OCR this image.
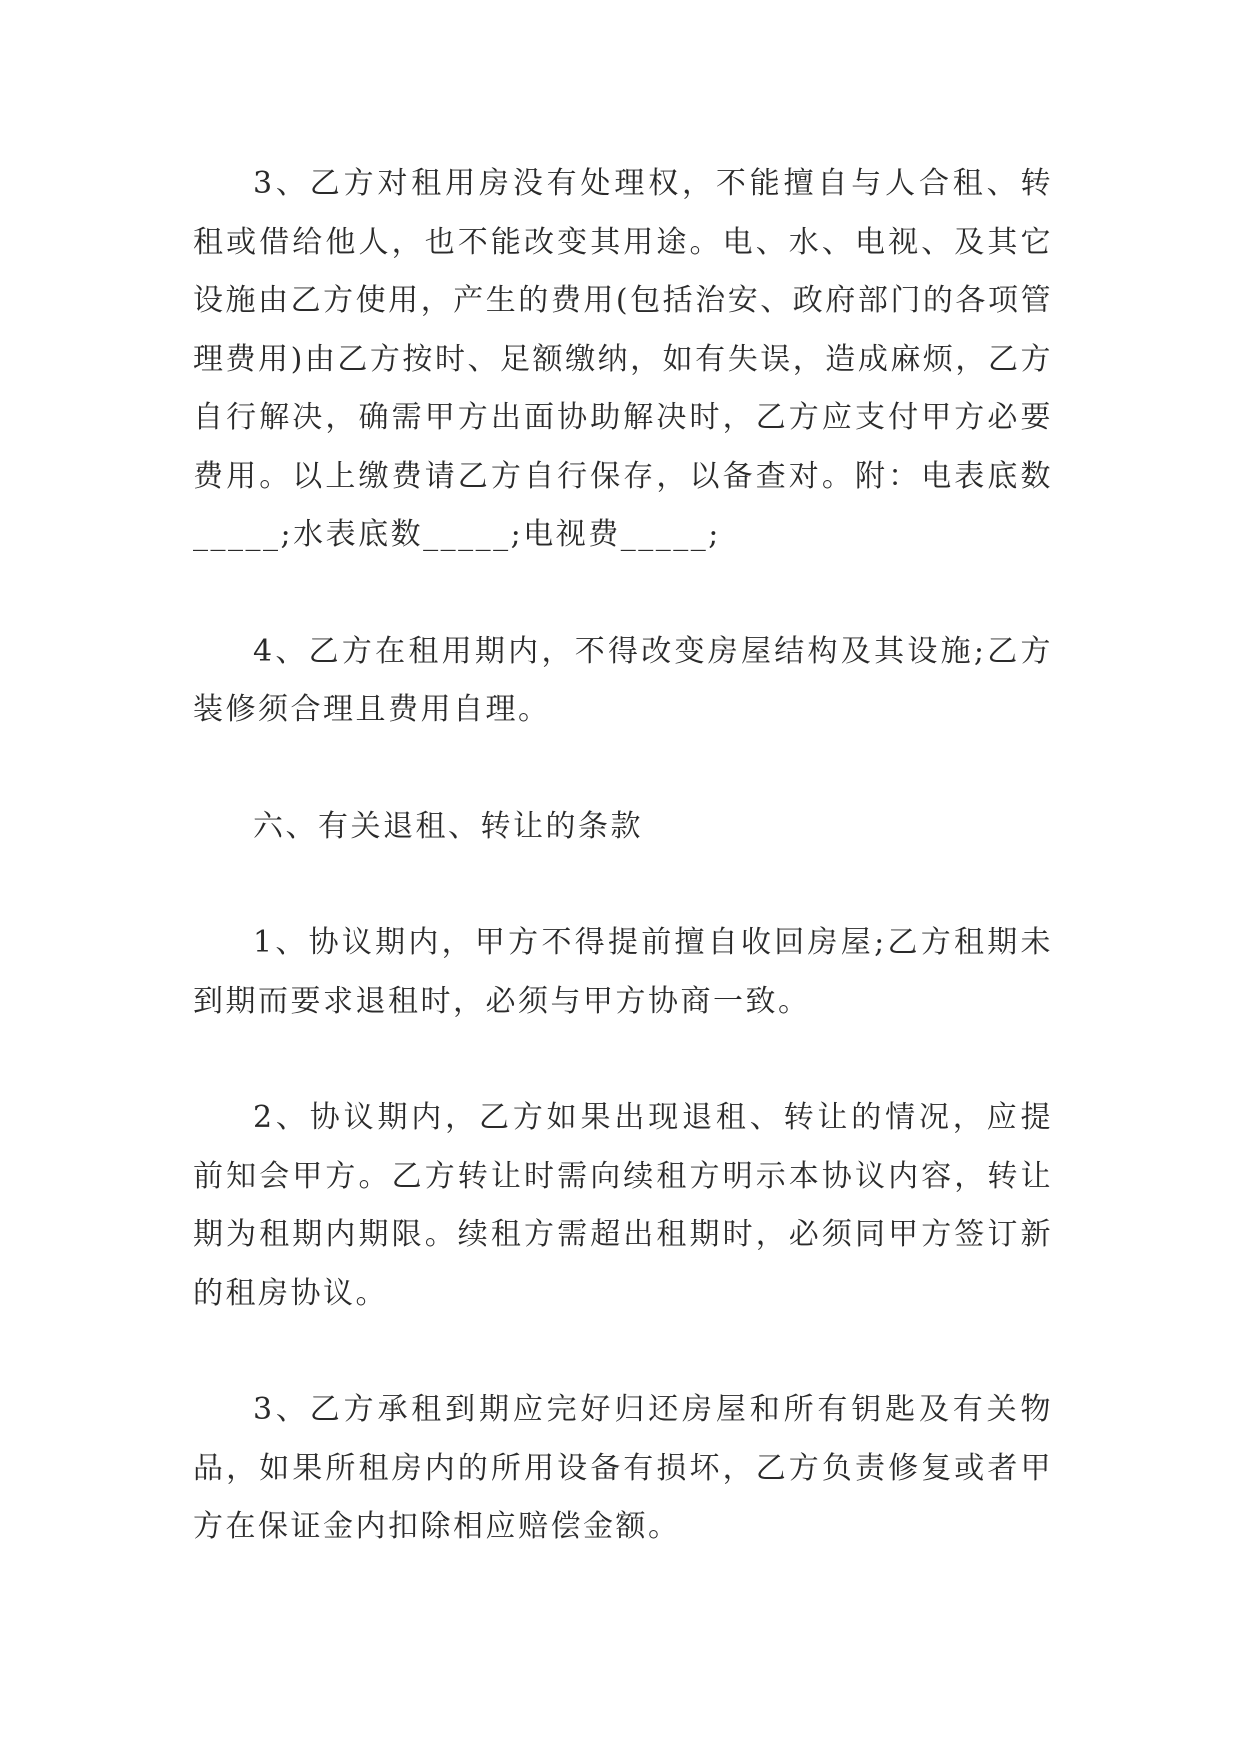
3、乙方对租用房没有处理权，不能擅自与人合租、转租或借给他人，也不能改变其用途。电、水、电视、及其它设施由乙方使用，产生的费用(包括治安、政府部门的各项管理费用)由乙方按时、足额缴纳，如有失误，造成麻烦，乙方自行解决，确需甲方出面协助解决时，乙方应支付甲方必要费用。以上缴费请乙方自行保存，以备查对。附：电表底数_____;水表底数_____;电视费_____;

4、乙方在租用期内，不得改变房屋结构及其设施;乙方装修须合理且费用自理。

六、有关退租、转让的条款

1、协议期内，甲方不得提前擅自收回房屋;乙方租期未到期而要求退租时，必须与甲方协商一致。

2、协议期内，乙方如果出现退租、转让的情况，应提前知会甲方。乙方转让时需向续租方明示本协议内容，转让期为租期内期限。续租方需超出租期时，必须同甲方签订新的租房协议。

3、乙方承租到期应完好归还房屋和所有钥匙及有关物品，如果所租房内的所用设备有损坏，乙方负责修复或者甲方在保证金内扣除相应赔偿金额。
